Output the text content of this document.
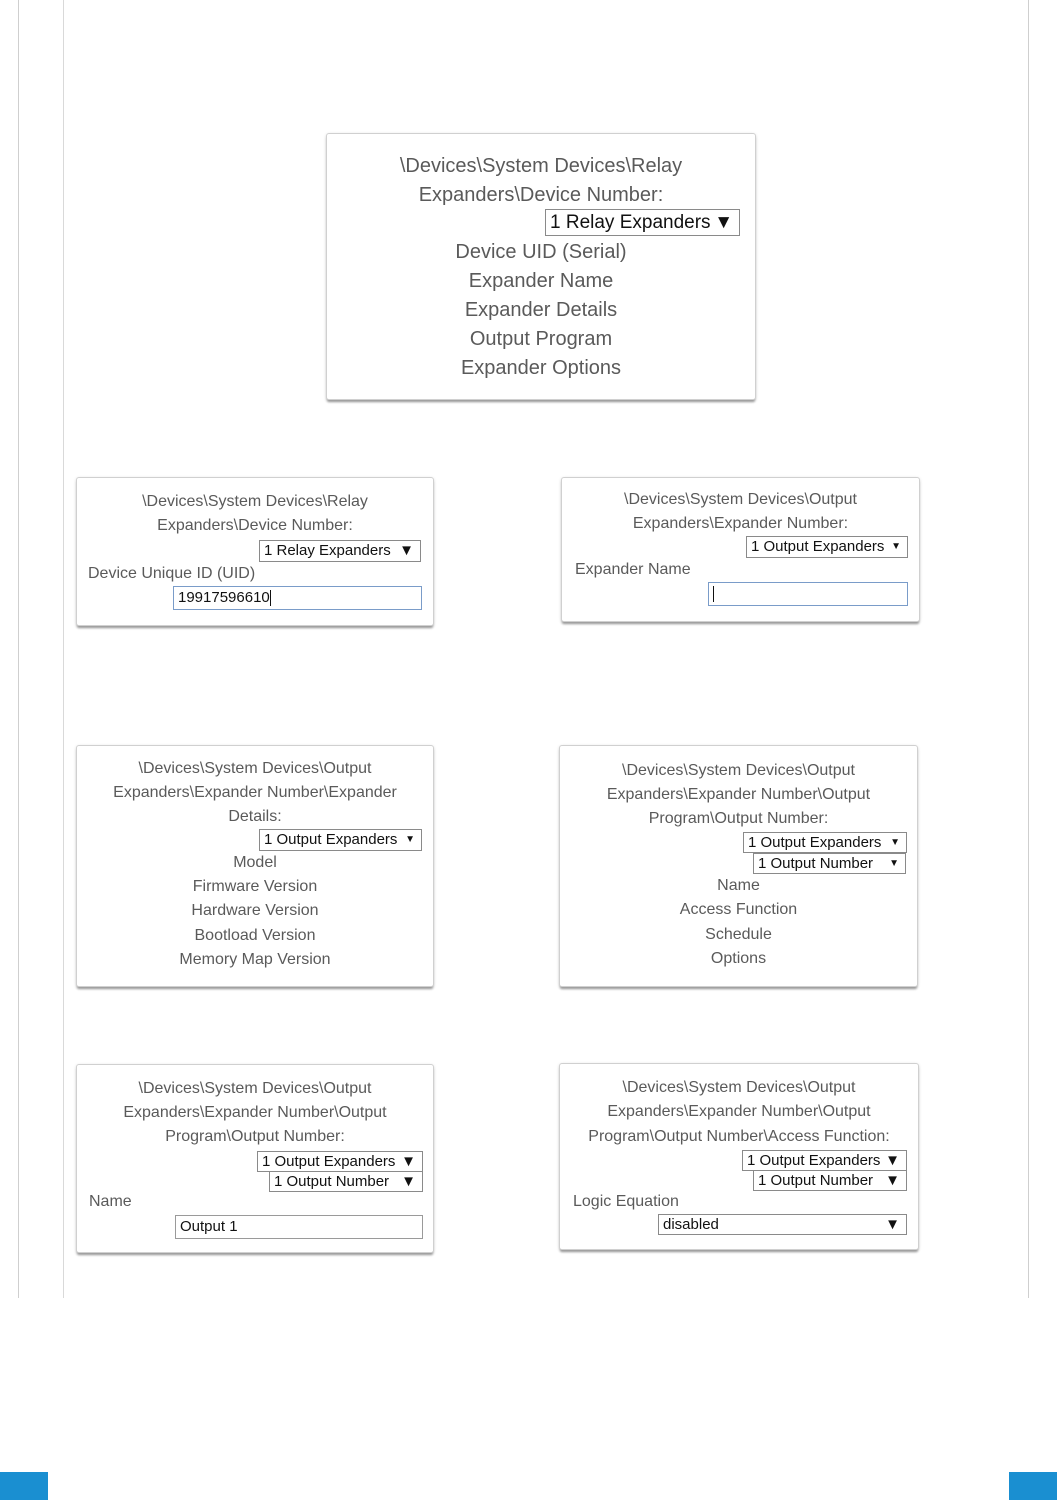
\Devices\System Devices\Relay
Expanders\Device Number:
1 Relay Expanders ▼
Device UID (Serial)
Expander Name
Expander Details
Output Program
Expander Options
\Devices\System Devices\Relay
Expanders\Device Number:
1 Relay Expanders ▼
Device Unique ID (UID)
19917596610
\Devices\System Devices\Output
Expanders\Expander Number:
1 Output Expanders ▼
Expander Name
\Devices\System Devices\Output
Expanders\Expander Number\Expander
Details:
1 Output Expanders ▼
Model
Firmware Version
Hardware Version
Bootload Version
Memory Map Version
\Devices\System Devices\Output
Expanders\Expander Number\Output
Program\Output Number:
1 Output Expanders ▼
1 Output Number ▼
Name
Access Function
Schedule
Options
\Devices\System Devices\Output
Expanders\Expander Number\Output
Program\Output Number:
1 Output Expanders ▼
1 Output Number ▼
Name
Output 1
\Devices\System Devices\Output
Expanders\Expander Number\Output
Program\Output Number\Access Function:
1 Output Expanders ▼
1 Output Number ▼
Logic Equation
disabled	▼
